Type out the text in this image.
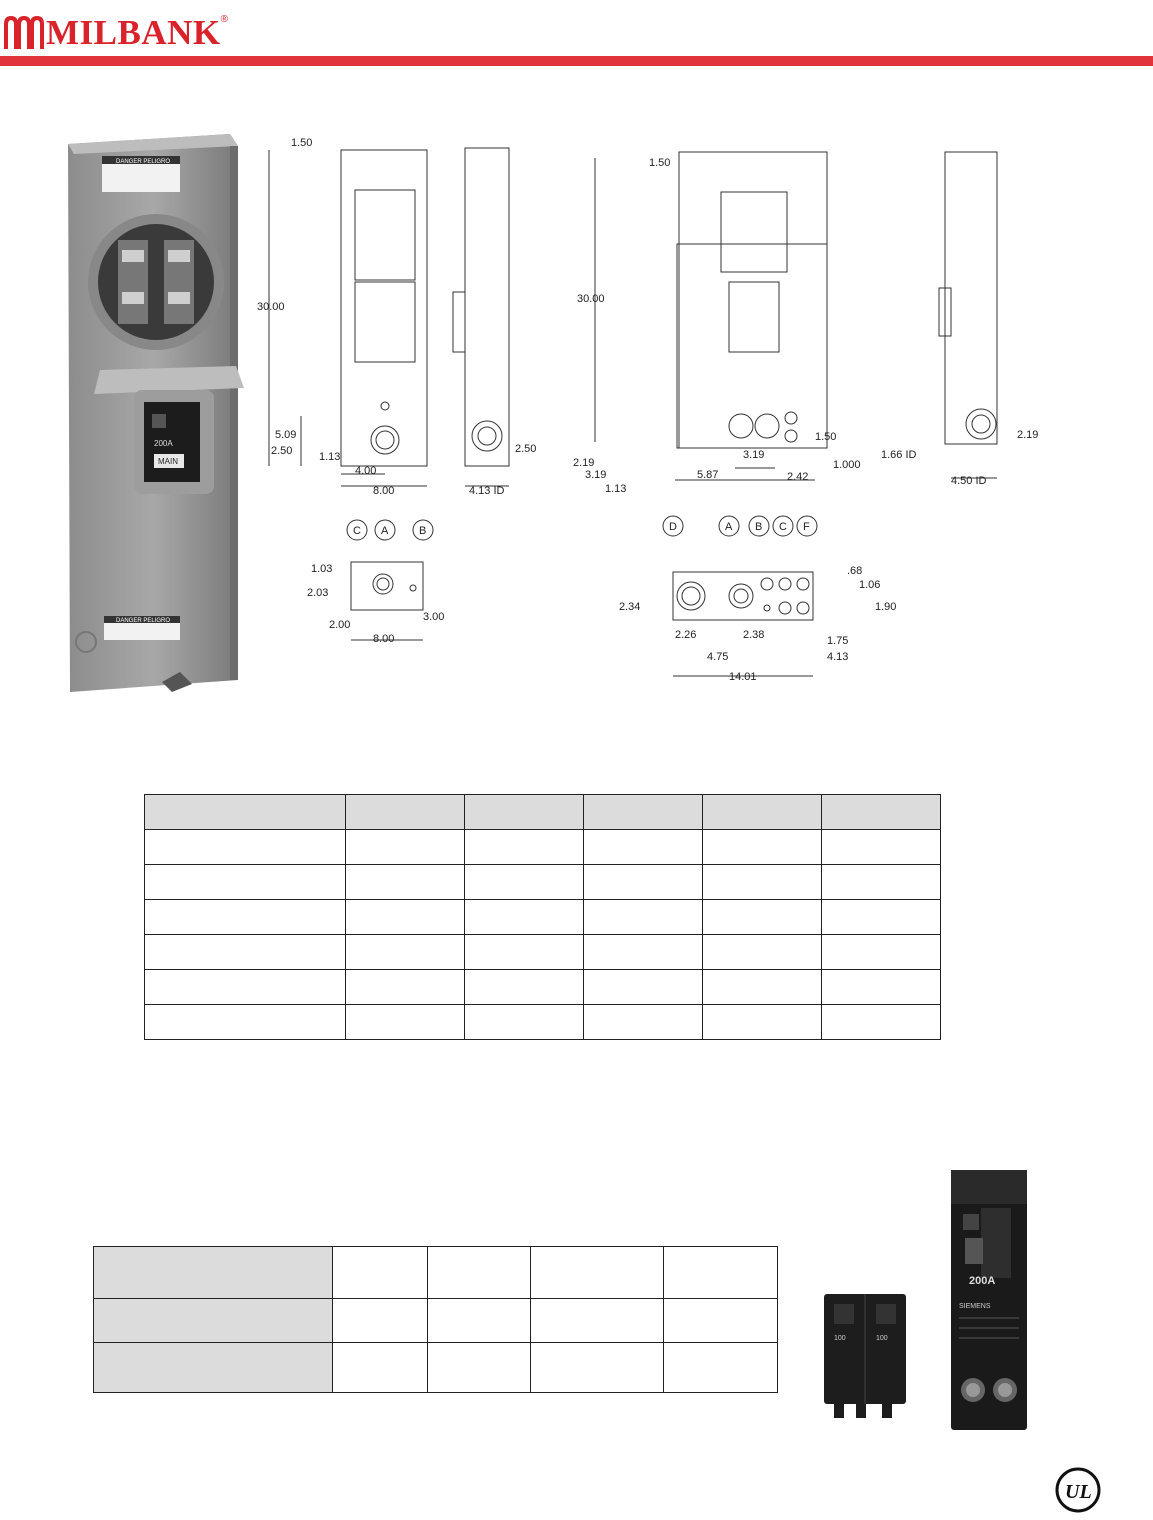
MILBANK ®
DANGER PELIGRO
200A
MAIN
DANGER PELIGRO
1.50
30.00
5.09
2.50 1.13
4.00
8.00
2.50
4.13 ID
C A	B
1.03
2.03
2.00
8.00
3.00
1.50
30.00
2.19
3.19
1.13
3.19
5.87	2.42
1.000
1.50	2.19
1.66 ID
4.50 ID
D	A B C F
2.34
.68
1.06
1.90
2.26	2.38	1.75
4.75	4.13
14.01

100	100
200A
SIEMENS
UL
